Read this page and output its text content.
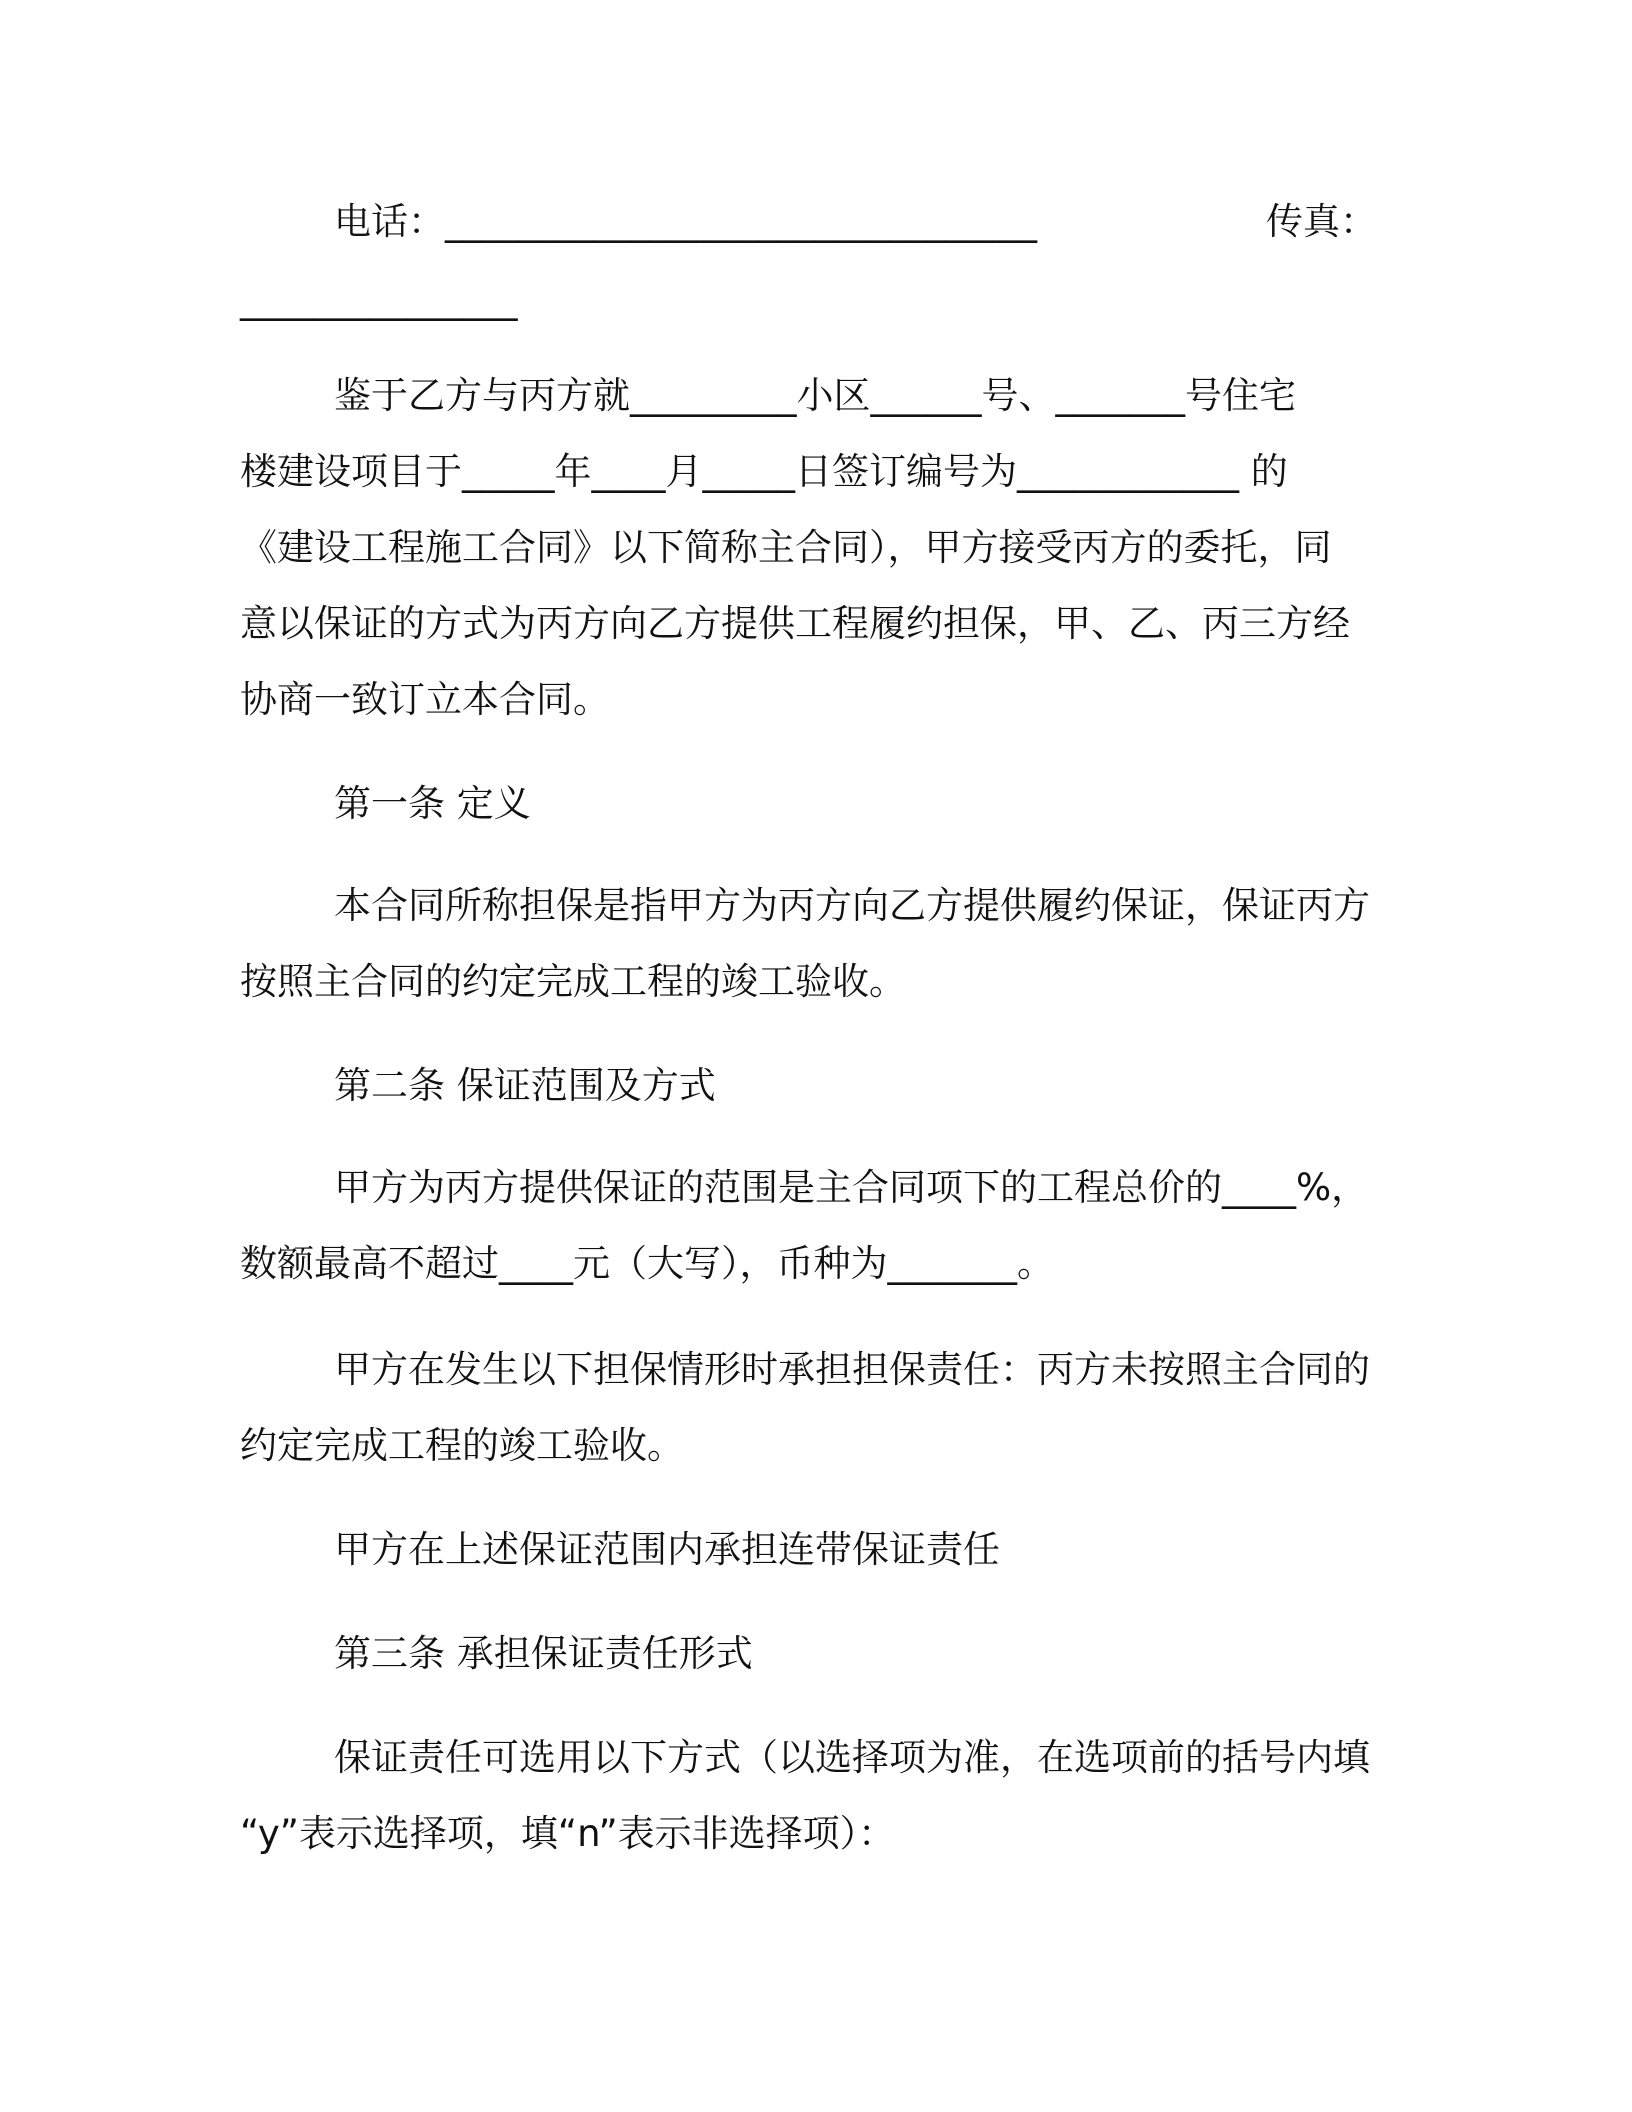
电话：________________________________	传真：
_______________
鉴于乙方与丙方就_________小区______号、_______号住宅
楼建设项目于_____年____月_____日签订编号为____________ 的
《建设工程施工合同》以下简称主合同），甲方接受丙方的委托，同
意以保证的方式为丙方向乙方提供工程履约担保，甲、乙、丙三方经
协商一致订立本合同。
第一条 定义
本合同所称担保是指甲方为丙方向乙方提供履约保证，保证丙方
按照主合同的约定完成工程的竣工验收。
第二条 保证范围及方式
甲方为丙方提供保证的范围是主合同项下的工程总价的____%，
数额最高不超过____元（大写），币种为_______。
甲方在发生以下担保情形时承担担保责任：丙方未按照主合同的
约定完成工程的竣工验收。
甲方在上述保证范围内承担连带保证责任
第三条 承担保证责任形式
保证责任可选用以下方式（以选择项为准，在选项前的括号内填
“y”表示选择项，填“n”表示非选择项）：
